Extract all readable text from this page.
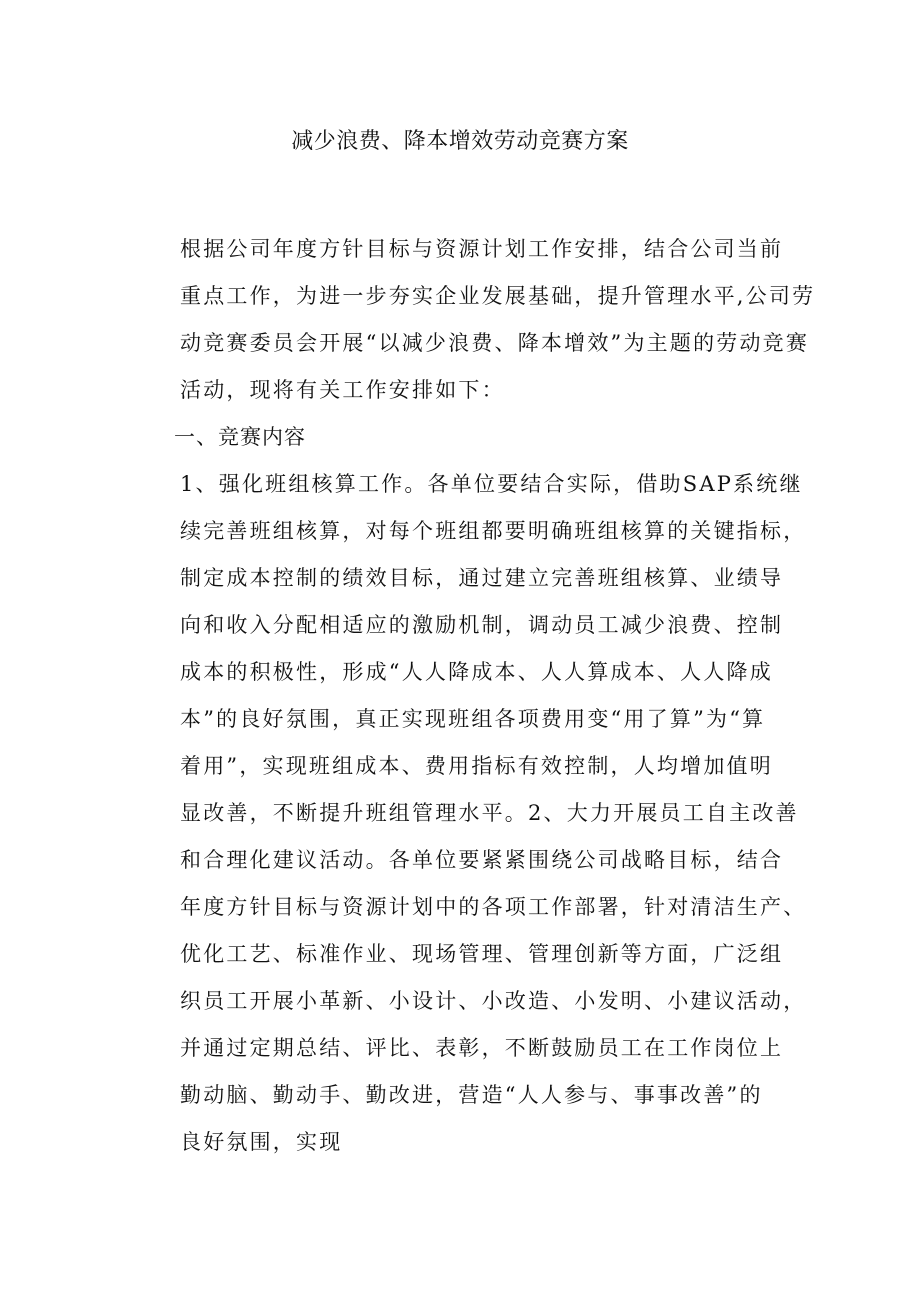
减少浪费、降本增效劳动竞赛方案
根据公司年度方针目标与资源计划工作安排，结合公司当前
重点工作，为进一步夯实企业发展基础，提升管理水平,公司劳
动竞赛委员会开展“以减少浪费、降本增效”为主题的劳动竞赛
活动，现将有关工作安排如下：
一、竞赛内容
1、强化班组核算工作。各单位要结合实际，借助SAP系统继
续完善班组核算，对每个班组都要明确班组核算的关键指标，
制定成本控制的绩效目标，通过建立完善班组核算、业绩导
向和收入分配相适应的激励机制，调动员工减少浪费、控制
成本的积极性，形成“人人降成本、人人算成本、人人降成
本”的良好氛围，真正实现班组各项费用变“用了算”为“算
着用”，实现班组成本、费用指标有效控制，人均增加值明
显改善，不断提升班组管理水平。2、大力开展员工自主改善
和合理化建议活动。各单位要紧紧围绕公司战略目标，结合
年度方针目标与资源计划中的各项工作部署，针对清洁生产、
优化工艺、标准作业、现场管理、管理创新等方面，广泛组
织员工开展小革新、小设计、小改造、小发明、小建议活动，
并通过定期总结、评比、表彰，不断鼓励员工在工作岗位上
勤动脑、勤动手、勤改进，营造“人人参与、事事改善”的
良好氛围，实现
